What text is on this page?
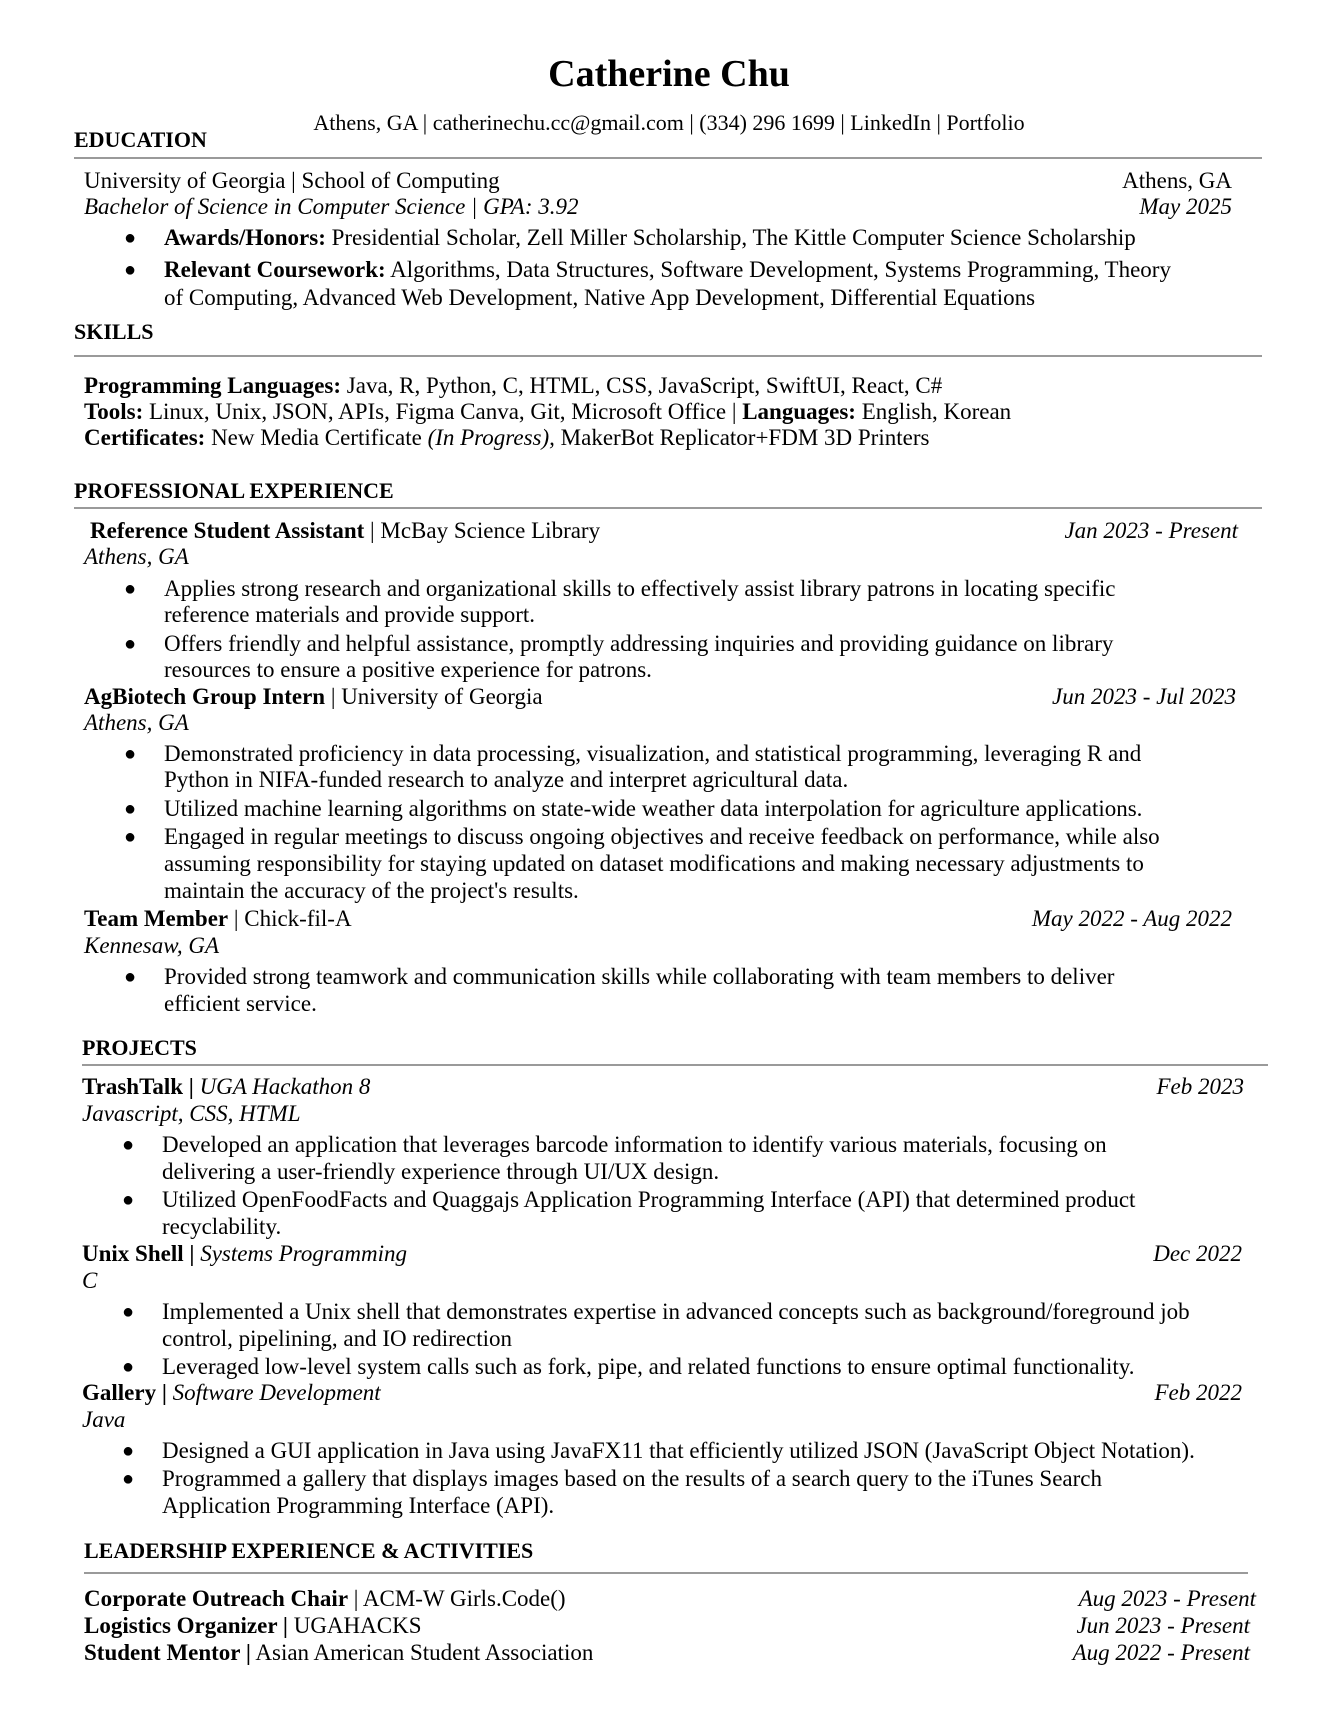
Catherine Chu
Athens, GA | catherinechu.cc@gmail.com | (334) 296 1699 | LinkedIn | Portfolio
EDUCATION
University of Georgia | School of Computing	Athens, GA
Bachelor of Science in Computer Science | GPA: 3.92	May 2025
● Awards/Honors: Presidential Scholar, Zell Miller Scholarship, The Kittle Computer Science Scholarship
● Relevant Coursework: Algorithms, Data Structures, Software Development, Systems Programming, Theory
of Computing, Advanced Web Development, Native App Development, Differential Equations
SKILLS
Programming Languages: Java, R, Python, C, HTML, CSS, JavaScript, SwiftUI, React, C#
Tools: Linux, Unix, JSON, APIs, Figma Canva, Git, Microsoft Office | Languages: English, Korean
Certificates: New Media Certificate (In Progress), MakerBot Replicator+FDM 3D Printers
PROFESSIONAL EXPERIENCE
Reference Student Assistant | McBay Science Library	Jan 2023 - Present
Athens, GA
● Applies strong research and organizational skills to effectively assist library patrons in locating specific
reference materials and provide support.
● Offers friendly and helpful assistance, promptly addressing inquiries and providing guidance on library
resources to ensure a positive experience for patrons.
AgBiotech Group Intern | University of Georgia	Jun 2023 - Jul 2023
Athens, GA
● Demonstrated proficiency in data processing, visualization, and statistical programming, leveraging R and
Python in NIFA-funded research to analyze and interpret agricultural data.
● Utilized machine learning algorithms on state-wide weather data interpolation for agriculture applications.
● Engaged in regular meetings to discuss ongoing objectives and receive feedback on performance, while also
assuming responsibility for staying updated on dataset modifications and making necessary adjustments to
maintain the accuracy of the project's results.
Team Member | Chick-fil-A	May 2022 - Aug 2022
Kennesaw, GA
● Provided strong teamwork and communication skills while collaborating with team members to deliver
efficient service.
PROJECTS
TrashTalk | UGA Hackathon 8	Feb 2023
Javascript, CSS, HTML
● Developed an application that leverages barcode information to identify various materials, focusing on
delivering a user-friendly experience through UI/UX design.
● Utilized OpenFoodFacts and Quaggajs Application Programming Interface (API) that determined product
recyclability.
Unix Shell | Systems Programming	Dec 2022
C
● Implemented a Unix shell that demonstrates expertise in advanced concepts such as background/foreground job
control, pipelining, and IO redirection
● Leveraged low-level system calls such as fork, pipe, and related functions to ensure optimal functionality.
Gallery | Software Development	Feb 2022
Java
● Designed a GUI application in Java using JavaFX11 that efficiently utilized JSON (JavaScript Object Notation).
● Programmed a gallery that displays images based on the results of a search query to the iTunes Search
Application Programming Interface (API).
LEADERSHIP EXPERIENCE & ACTIVITIES
Corporate Outreach Chair | ACM-W Girls.Code()	Aug 2023 - Present
Logistics Organizer | UGAHACKS	Jun 2023 - Present
Student Mentor | Asian American Student Association	Aug 2022 - Present
